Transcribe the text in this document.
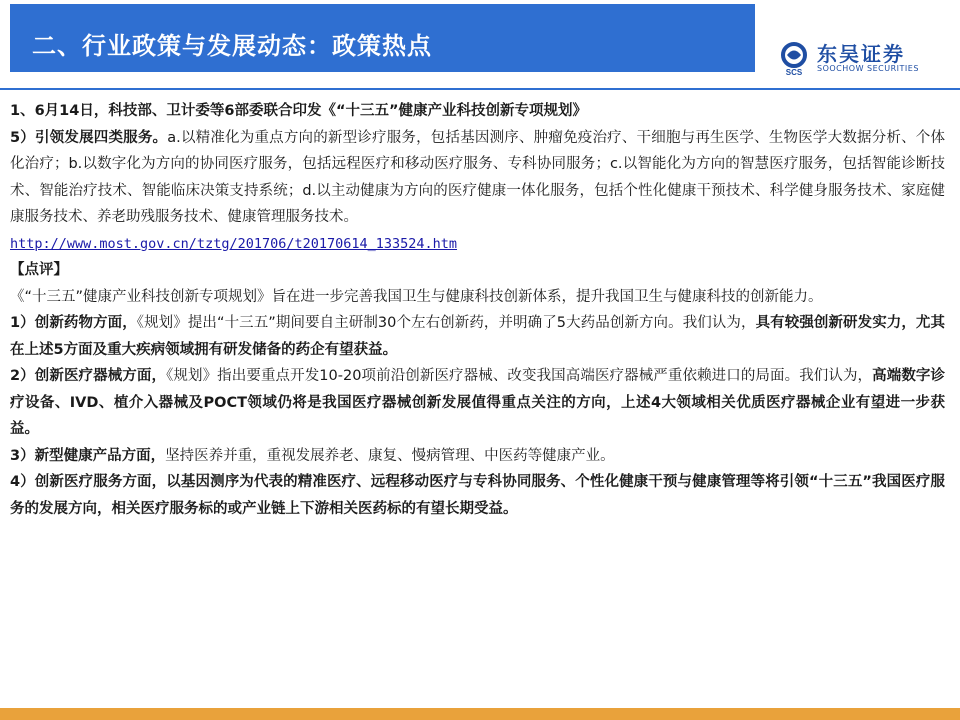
二、行业政策与发展动态：政策热点
SCS
东吴证券
SOOCHOW SECURITIES

1、6月14日，科技部、卫计委等6部委联合印发《“十三五”健康产业科技创新专项规划》

5）引领发展四类服务。a.以精准化为重点方向的新型诊疗服务，包括基因测序、肿瘤免疫治疗、干细胞与再生医学、生物医学大数据分析、个体化治疗；b.以数字化为方向的协同医疗服务，包括远程医疗和移动医疗服务、专科协同服务；c.以智能化为方向的智慧医疗服务，包括智能诊断技术、智能治疗技术、智能临床决策支持系统；d.以主动健康为方向的医疗健康一体化服务，包括个性化健康干预技术、科学健身服务技术、家庭健康服务技术、养老助残服务技术、健康管理服务技术。

http://www.most.gov.cn/tztg/201706/t20170614_133524.htm

【点评】

《“十三五”健康产业科技创新专项规划》旨在进一步完善我国卫生与健康科技创新体系，提升我国卫生与健康科技的创新能力。

1）创新药物方面，《规划》提出“十三五”期间要自主研制30个左右创新药，并明确了5大药品创新方向。我们认为，具有较强创新研发实力，尤其在上述5方面及重大疾病领域拥有研发储备的药企有望获益。

2）创新医疗器械方面，《规划》指出要重点开发10-20项前沿创新医疗器械、改变我国高端医疗器械严重依赖进口的局面。我们认为，高端数字诊疗设备、IVD、植介入器械及POCT领域仍将是我国医疗器械创新发展值得重点关注的方向，上述4大领域相关优质医疗器械企业有望进一步获益。

3）新型健康产品方面，坚持医养并重，重视发展养老、康复、慢病管理、中医药等健康产业。

4）创新医疗服务方面，以基因测序为代表的精准医疗、远程移动医疗与专科协同服务、个性化健康干预与健康管理等将引领“十三五”我国医疗服务的发展方向，相关医疗服务标的或产业链上下游相关医药标的有望长期受益。
